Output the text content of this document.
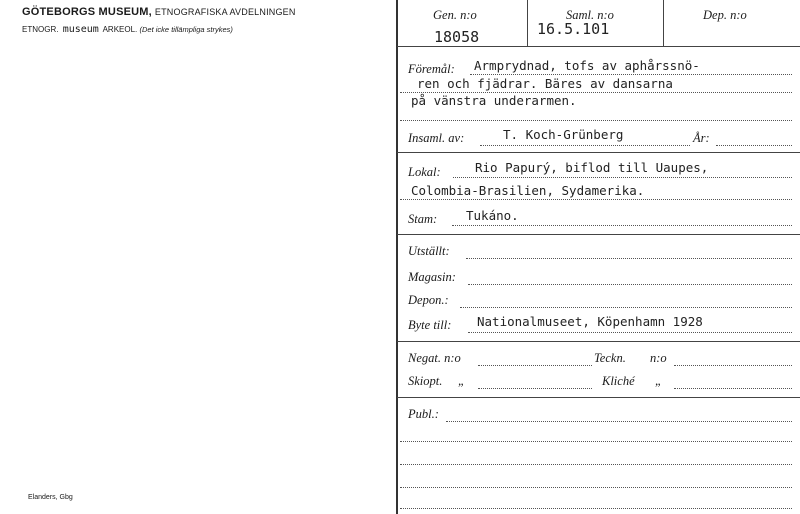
GÖTEBORGS MUSEUM, ETNOGRAFISKA AVDELNINGEN
ETNOGR. museum ARKEOL. (Det icke tillämpliga strykes)
Elanders, Gbg
Gen. n:o
18058
Saml. n:o
16.5.101
Dep. n:o
Föremål: Armprydnad, tofs av aphårssnö-
ren och fjädrar. Bäres av dansarna
på vänstra underarmen.
Insaml. av:	T. Koch-Grünberg	År:
Lokal:	Rio Papurý, biflod till Uaupes,
Colombia-Brasilien, Sydamerika.
Stam: Tukáno.
Utställt:
Magasin:
Depon.:
Byte till: Nationalmuseet, Köpenhamn 1928
Negat. n:o	Teckn. n:o
Skiopt. „	Kliché „
Publ.:
